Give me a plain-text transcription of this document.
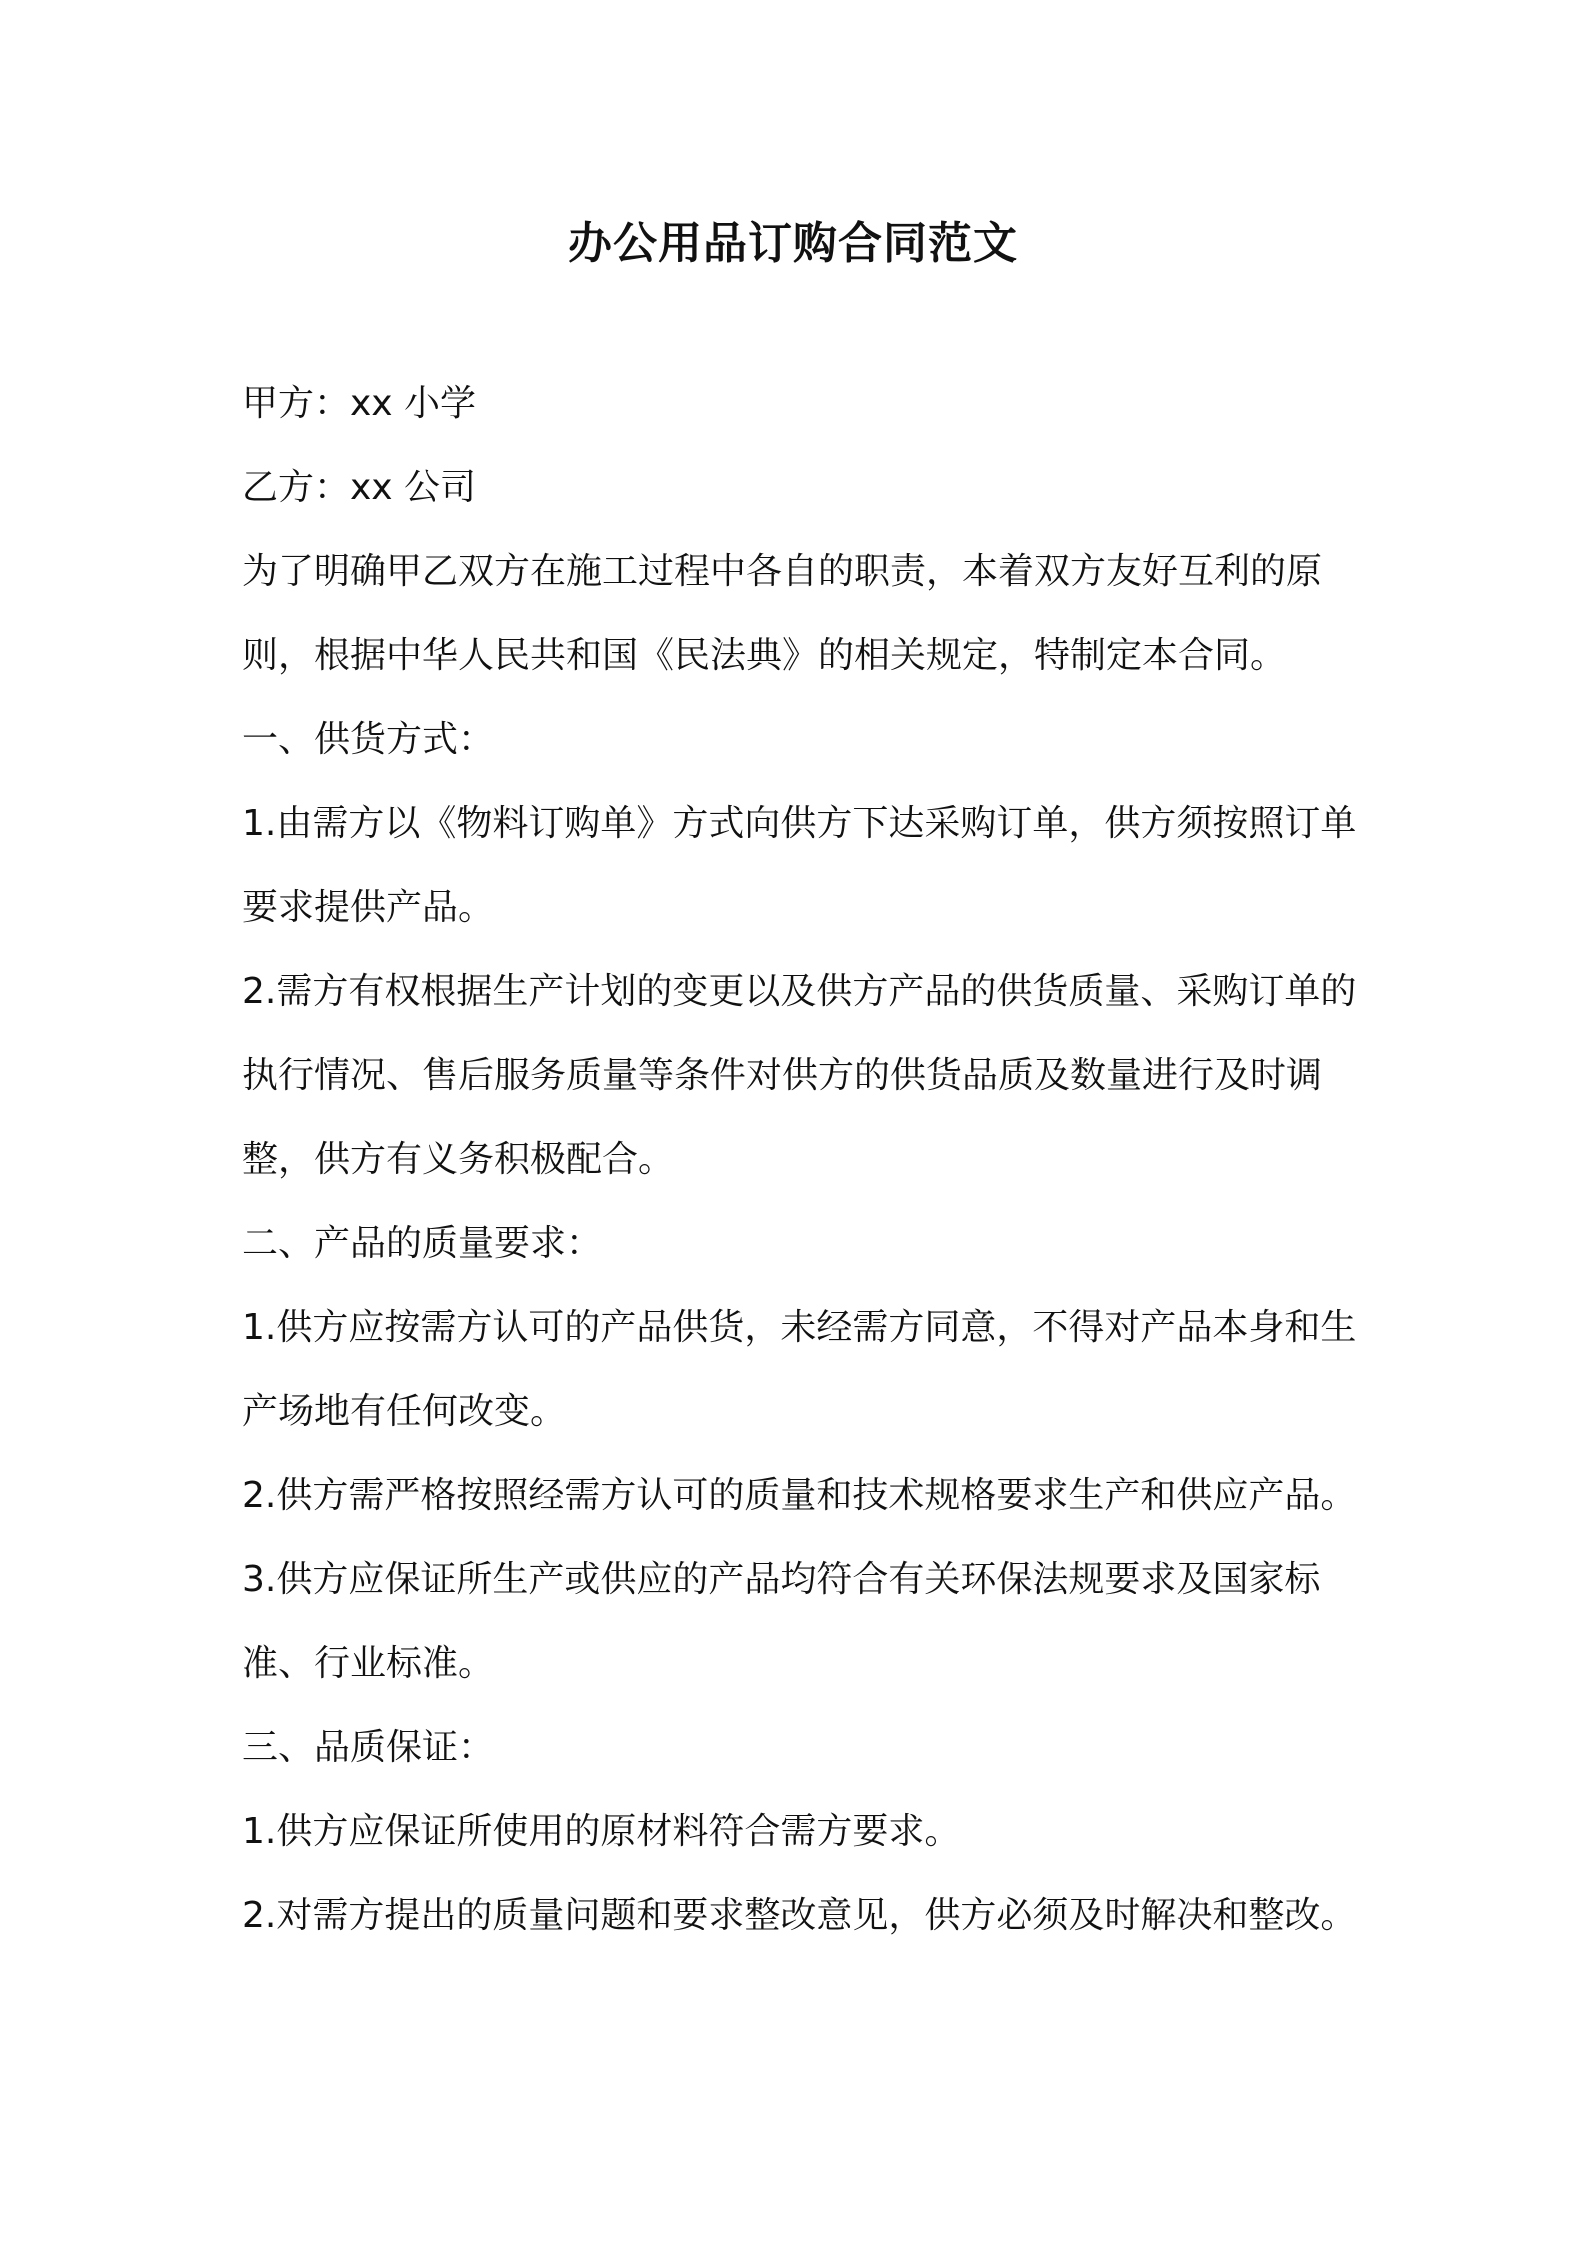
办公用品订购合同范文

甲方：xx 小学

乙方：xx 公司

为了明确甲乙双方在施工过程中各自的职责，本着双方友好互利的原则，根据中华人民共和国《民法典》的相关规定，特制定本合同。

一、供货方式：

1.由需方以《物料订购单》方式向供方下达采购订单，供方须按照订单要求提供产品。

2.需方有权根据生产计划的变更以及供方产品的供货质量、采购订单的执行情况、售后服务质量等条件对供方的供货品质及数量进行及时调整，供方有义务积极配合。

二、产品的质量要求：

1.供方应按需方认可的产品供货，未经需方同意，不得对产品本身和生产场地有任何改变。

2.供方需严格按照经需方认可的质量和技术规格要求生产和供应产品。

3.供方应保证所生产或供应的产品均符合有关环保法规要求及国家标准、行业标准。

三、品质保证：

1.供方应保证所使用的原材料符合需方要求。

2.对需方提出的质量问题和要求整改意见，供方必须及时解决和整改。
